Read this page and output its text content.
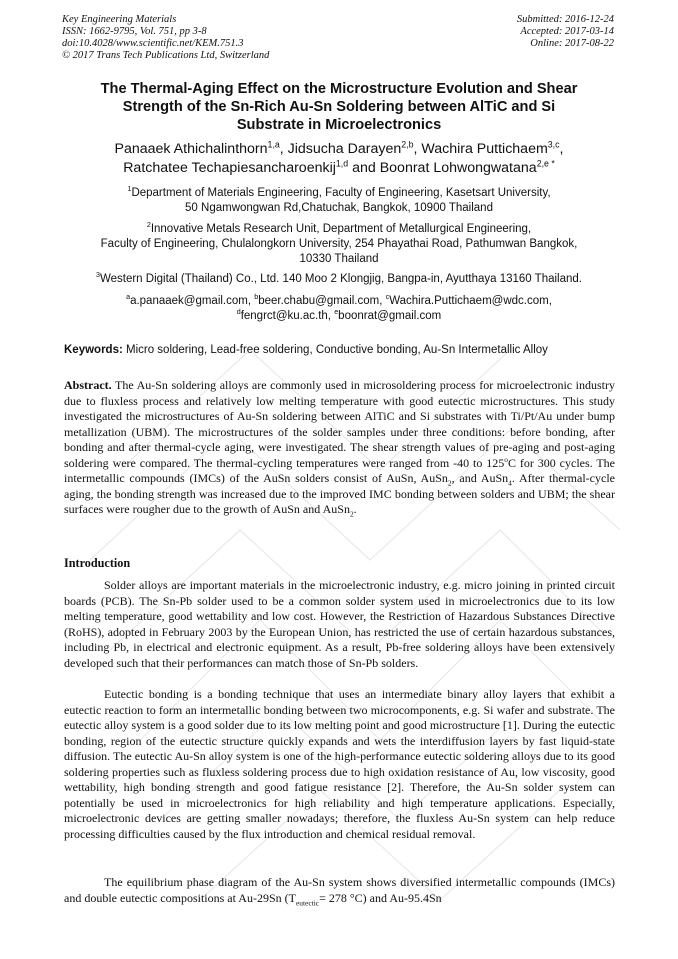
Key Engineering Materials
ISSN: 1662-9795, Vol. 751, pp 3-8
doi:10.4028/www.scientific.net/KEM.751.3
© 2017 Trans Tech Publications Ltd, Switzerland
Submitted: 2016-12-24
Accepted: 2017-03-14
Online: 2017-08-22
The Thermal-Aging Effect on the Microstructure Evolution and Shear
Strength of the Sn-Rich Au-Sn Soldering between AlTiC and Si
Substrate in Microelectronics
Panaaek Athichalinthorn$^{1,a}$, Jidsucha Darayen$^{2,b}$, Wachira Puttichaem$^{3,c}$,
Ratchatee Techapiesancharoenkij$^{1,d}$ and Boonrat Lohwongwatana$^{2,e *}$
$^1$Department of Materials Engineering, Faculty of Engineering, Kasetsart University,
50 Ngamwongwan Rd,Chatuchak, Bangkok, 10900 Thailand
$^2$Innovative Metals Research Unit, Department of Metallurgical Engineering,
Faculty of Engineering, Chulalongkorn University, 254 Phayathai Road, Pathumwan Bangkok,
10330 Thailand
$^3$Western Digital (Thailand) Co., Ltd. 140 Moo 2 Klongjig, Bangpa-in, Ayutthaya 13160 Thailand.
$^a$a.panaaek@gmail.com, $^b$beer.chabu@gmail.com, $^c$Wachira.Puttichaem@wdc.com,
$^d$fengrct@ku.ac.th, $^e$boonrat@gmail.com
Keywords: Micro soldering, Lead-free soldering, Conductive bonding, Au-Sn Intermetallic Alloy
Abstract. The Au-Sn soldering alloys are commonly used in microsoldering process for microelectronic industry due to fluxless process and relatively low melting temperature with good eutectic microstructures. This study investigated the microstructures of Au-Sn soldering between AlTiC and Si substrates with Ti/Pt/Au under bump metallization (UBM). The microstructures of the solder samples under three conditions: before bonding, after bonding and after thermal-cycle aging, were investigated. The shear strength values of pre-aging and post-aging soldering were compared. The thermal-cycling temperatures were ranged from -40 to 125$^o$C for 300 cycles. The intermetallic compounds (IMCs) of the AuSn solders consist of AuSn, AuSn$_2$, and AuSn$_4$. After thermal-cycle aging, the bonding strength was increased due to the improved IMC bonding between solders and UBM; the shear surfaces were rougher due to the growth of AuSn and AuSn$_2$.
Introduction
Solder alloys are important materials in the microelectronic industry, e.g. micro joining in printed circuit boards (PCB). The Sn-Pb solder used to be a common solder system used in microelectronics due to its low melting temperature, good wettability and low cost. However, the Restriction of Hazardous Substances Directive (RoHS), adopted in February 2003 by the European Union, has restricted the use of certain hazardous substances, including Pb, in electrical and electronic equipment. As a result, Pb-free soldering alloys have been extensively developed such that their performances can match those of Sn-Pb solders.
Eutectic bonding is a bonding technique that uses an intermediate binary alloy layers that exhibit a eutectic reaction to form an intermetallic bonding between two microcomponents, e.g. Si wafer and substrate. The eutectic alloy system is a good solder due to its low melting point and good microstructure [1]. During the eutectic bonding, region of the eutectic structure quickly expands and wets the interdiffusion layers by fast liquid-state diffusion. The eutectic Au-Sn alloy system is one of the high-performance eutectic soldering alloys due to its good soldering properties such as fluxless soldering process due to high oxidation resistance of Au, low viscosity, good wettability, high bonding strength and good fatigue resistance [2]. Therefore, the Au-Sn solder system can potentially be used in microelectronics for high reliability and high temperature applications. Especially, microelectronic devices are getting smaller nowadays; therefore, the fluxless Au-Sn system can help reduce processing difficulties caused by the flux introduction and chemical residual removal.
The equilibrium phase diagram of the Au-Sn system shows diversified intermetallic compounds (IMCs) and double eutectic compositions at Au-29Sn ($T_{eutectic}= 278$ °C) and Au-95.4Sn
